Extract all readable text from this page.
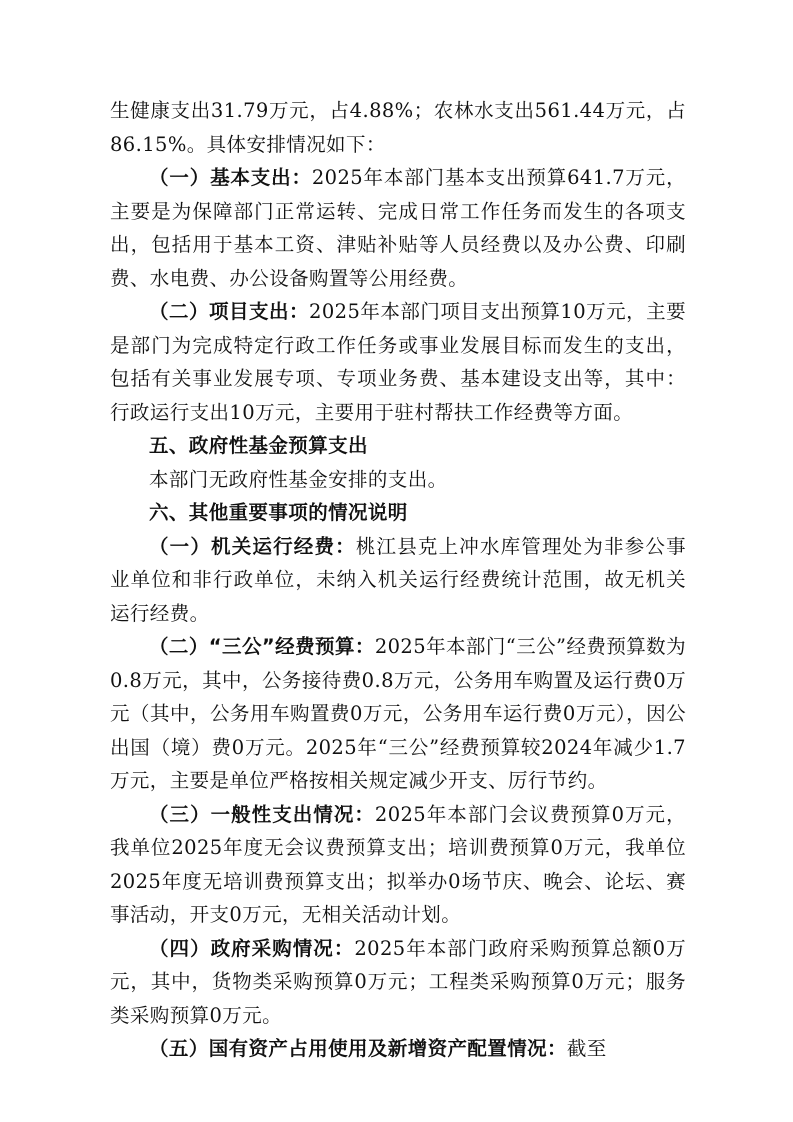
生健康支出31.79万元，占4.88%；农林水支出561.44万元，占86.15%。具体安排情况如下：

（一）基本支出：2025年本部门基本支出预算641.7万元，主要是为保障部门正常运转、完成日常工作任务而发生的各项支出，包括用于基本工资、津贴补贴等人员经费以及办公费、印刷费、水电费、办公设备购置等公用经费。

（二）项目支出：2025年本部门项目支出预算10万元，主要是部门为完成特定行政工作任务或事业发展目标而发生的支出，包括有关事业发展专项、专项业务费、基本建设支出等，其中：行政运行支出10万元，主要用于驻村帮扶工作经费等方面。

五、政府性基金预算支出

本部门无政府性基金安排的支出。

六、其他重要事项的情况说明

（一）机关运行经费：桃江县克上冲水库管理处为非参公事业单位和非行政单位，未纳入机关运行经费统计范围，故无机关运行经费。

（二）“三公”经费预算：2025年本部门“三公”经费预算数为0.8万元，其中，公务接待费0.8万元，公务用车购置及运行费0万元（其中，公务用车购置费0万元，公务用车运行费0万元），因公出国（境）费0万元。2025年“三公”经费预算较2024年减少1.7万元，主要是单位严格按相关规定减少开支、厉行节约。

（三）一般性支出情况：2025年本部门会议费预算0万元，我单位2025年度无会议费预算支出；培训费预算0万元，我单位2025年度无培训费预算支出；拟举办0场节庆、晚会、论坛、赛事活动，开支0万元，无相关活动计划。

（四）政府采购情况：2025年本部门政府采购预算总额0万元，其中，货物类采购预算0万元；工程类采购预算0万元；服务类采购预算0万元。

（五）国有资产占用使用及新增资产配置情况：截至
